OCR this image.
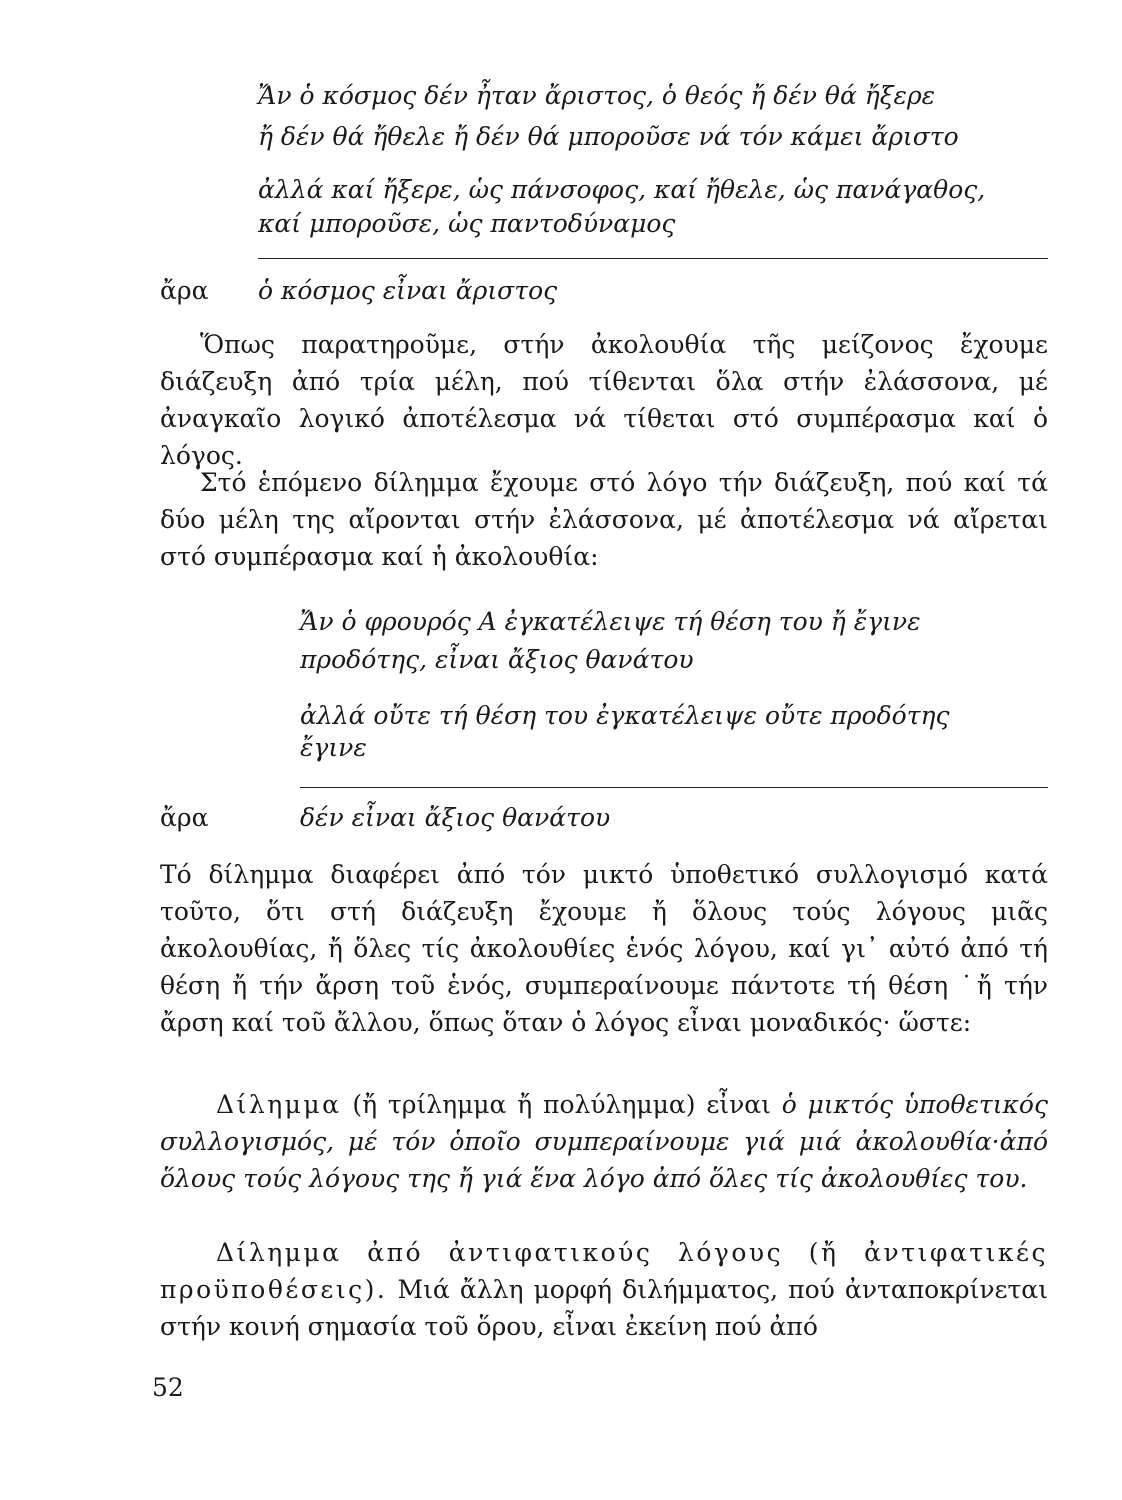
Ἄν ὁ κόσμος δέν ἦταν ἄριστος, ὁ θεός ἤ δέν θά ἤξερε
ἤ δέν θά ἤθελε ἤ δέν θά μποροῦσε νά τόν κάμει ἄριστο
ἀλλά καί ἤξερε, ὡς πάνσοφος, καί ἤθελε, ὡς πανάγαθος,
καί μποροῦσε, ὡς παντοδύναμος
ἄρα ὁ κόσμος εἶναι ἄριστος
Ὅπως παρατηροῦμε, στήν ἀκολουθία τῆς μείζονος ἔχουμε διάζευξη ἀπό τρία μέλη, πού τίθενται ὅλα στήν ἐλάσσονα, μέ ἀναγκαῖο λογικό ἀποτέλεσμα νά τίθεται στό συμπέρασμα καί ὁ λόγος.
Στό ἑπόμενο δίλημμα ἔχουμε στό λόγο τήν διάζευξη, πού καί τά δύο μέλη της αἴρονται στήν ἐλάσσονα, μέ ἀποτέλεσμα νά αἴρεται στό συμπέρασμα καί ἡ ἀκολουθία:
Ἄν ὁ φρουρός Α ἐγκατέλειψε τή θέση του ἤ ἔγινε
προδότης, εἶναι ἄξιος θανάτου
ἀλλά οὔτε τή θέση του ἐγκατέλειψε οὔτε προδότης
ἔγινε
ἄρα	δέν εἶναι ἄξιος θανάτου
Τό δίλημμα διαφέρει ἀπό τόν μικτό ὑποθετικό συλλογισμό κατά τοῦτο, ὅτι στή διάζευξη ἔχουμε ἤ ὅλους τούς λόγους μιᾶς ἀκολουθίας, ἤ ὅλες τίς ἀκολουθίες ἑνός λόγου, καί γι᾿ αὐτό ἀπό τή θέση ἤ τήν ἄρση τοῦ ἑνός, συμπεραίνουμε πάντοτε τή θέση ˙ἤ τήν ἄρση καί τοῦ ἄλλου, ὅπως ὅταν ὁ λόγος εἶναι μοναδικός· ὥστε:
Δίλημμα (ἤ τρίλημμα ἤ πολύλημμα) εἶναι ὁ μικτός ὑποθετικός συλλογισμός, μέ τόν ὁποῖο συμπεραίνουμε γιά μιά ἀκολουθία·ἀπό ὅλους τούς λόγους της ἤ γιά ἕνα λόγο ἀπό ὅλες τίς ἀκολουθίες του.
Δίλημμα ἀπό ἀντιφατικούς λόγους (ἤ ἀντιφατικές προϋποθέσεις). Μιά ἄλλη μορφή διλήμματος, πού ἀνταποκρίνεται στήν κοινή σημασία τοῦ ὅρου, εἶναι ἐκείνη πού ἀπό
52
